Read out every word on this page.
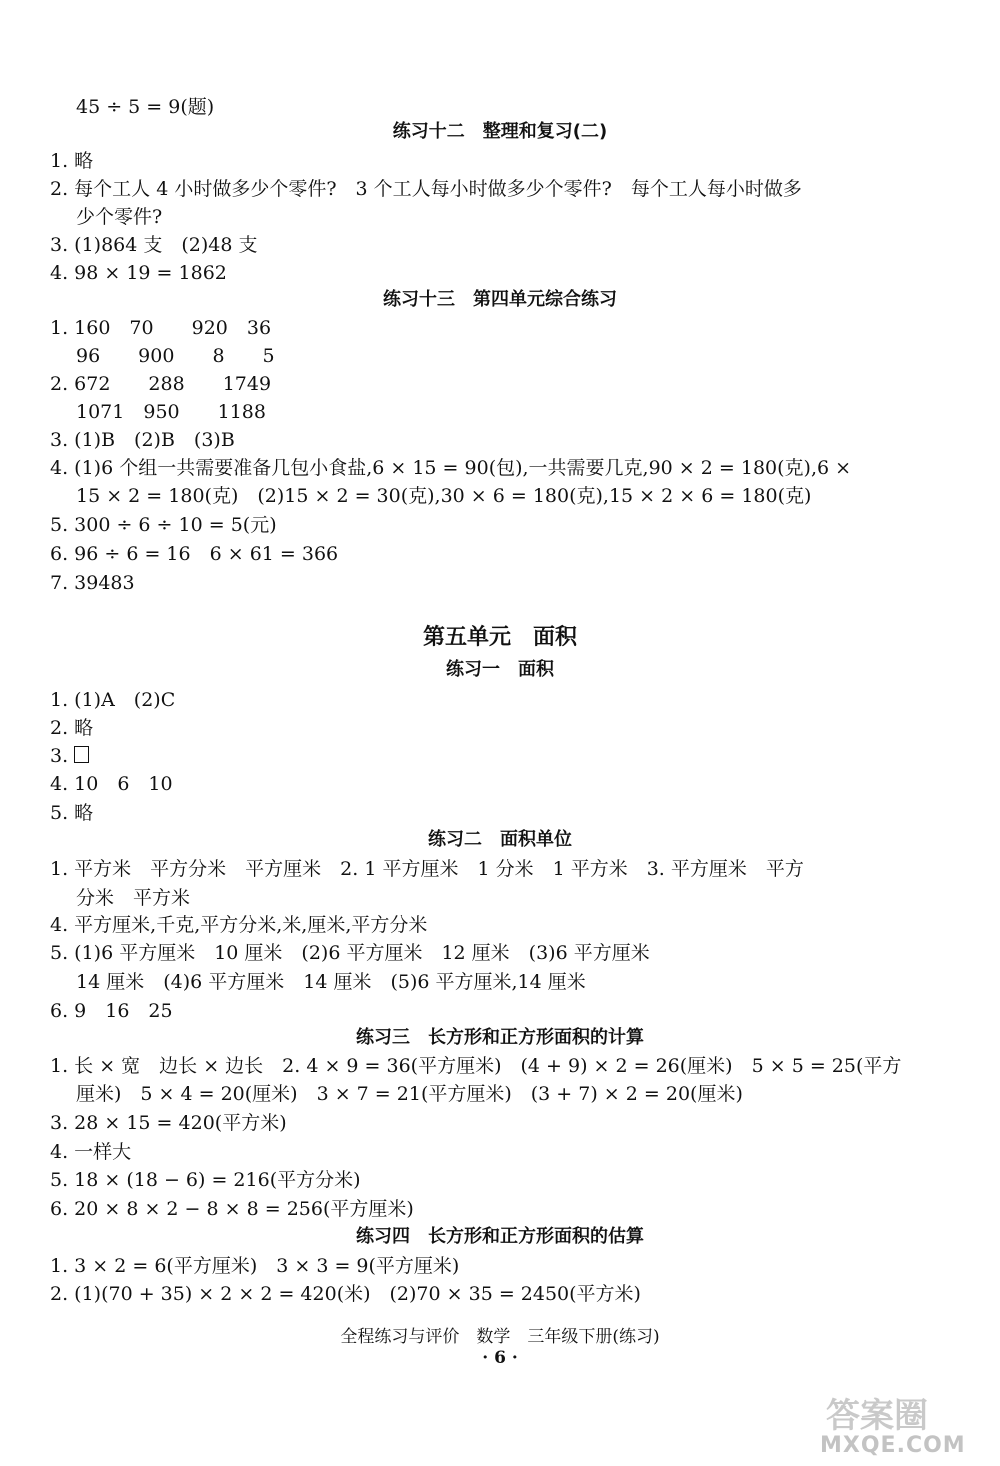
45 ÷ 5 = 9(题)
练习十二　整理和复习(二)
1. 略
2. 每个工人 4 小时做多少个零件?　3 个工人每小时做多少个零件?　每个工人每小时做多
少个零件?
3. (1)864 支　(2)48 支
4. 98 × 19 = 1862
练习十三　第四单元综合练习
1. 160　70　　920　36
96　　900　　8　　5
2. 672　　288　　1749
1071　950　　1188
3. (1)B　(2)B　(3)B
4. (1)6 个组一共需要准备几包小食盐,6 × 15 = 90(包),一共需要几克,90 × 2 = 180(克),6 ×
15 × 2 = 180(克)　(2)15 × 2 = 30(克),30 × 6 = 180(克),15 × 2 × 6 = 180(克)
5. 300 ÷ 6 ÷ 10 = 5(元)
6. 96 ÷ 6 = 16　6 × 61 = 366
7. 39483
第五单元　面积
练习一　面积
1. (1)A　(2)C
2. 略
3.
4. 10　6　10
5. 略
练习二　面积单位
1. 平方米　平方分米　平方厘米　2. 1 平方厘米　1 分米　1 平方米　3. 平方厘米　平方
分米　平方米
4. 平方厘米,千克,平方分米,米,厘米,平方分米
5. (1)6 平方厘米　10 厘米　(2)6 平方厘米　12 厘米　(3)6 平方厘米
14 厘米　(4)6 平方厘米　14 厘米　(5)6 平方厘米,14 厘米
6. 9　16　25
练习三　长方形和正方形面积的计算
1. 长 × 宽　边长 × 边长　2. 4 × 9 = 36(平方厘米)　(4 + 9) × 2 = 26(厘米)　5 × 5 = 25(平方
厘米)　5 × 4 = 20(厘米)　3 × 7 = 21(平方厘米)　(3 + 7) × 2 = 20(厘米)
3. 28 × 15 = 420(平方米)
4. 一样大
5. 18 × (18 − 6) = 216(平方分米)
6. 20 × 8 × 2 − 8 × 8 = 256(平方厘米)
练习四　长方形和正方形面积的估算
1. 3 × 2 = 6(平方厘米)　3 × 3 = 9(平方厘米)
2. (1)(70 + 35) × 2 × 2 = 420(米)　(2)70 × 35 = 2450(平方米)
全程练习与评价　数学　三年级下册(练习)
· 6 ·
答案圈
MXQE.COM
